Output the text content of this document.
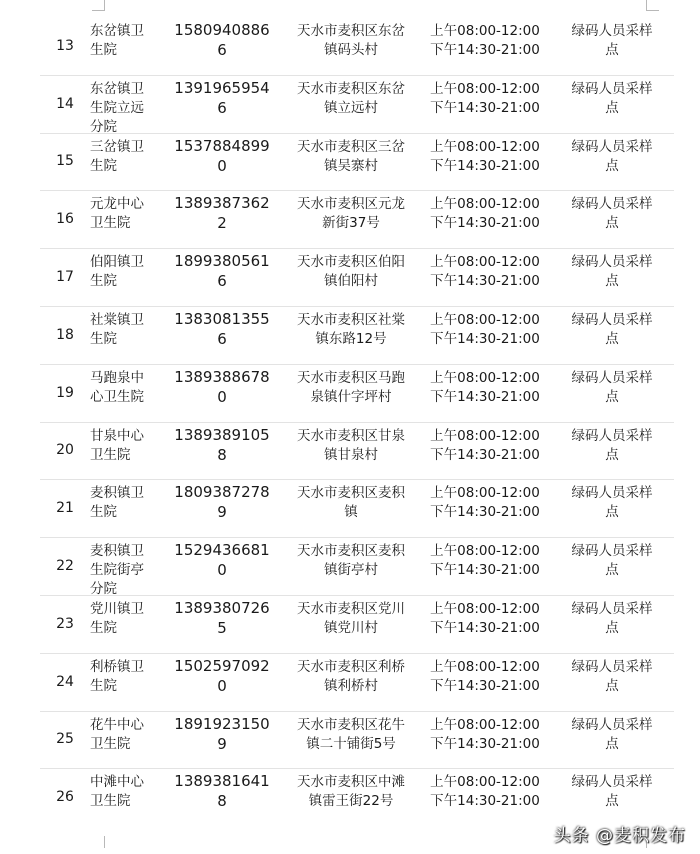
13
东岔镇卫
生院
1580940886
6
天水市麦积区东岔
镇码头村
上午08:00-12:00
下午14:30-21:00
绿码人员采样
点
14
东岔镇卫
生院立远
分院
1391965954
6
天水市麦积区东岔
镇立远村
上午08:00-12:00
下午14:30-21:00
绿码人员采样
点
15
三岔镇卫
生院
1537884899
0
天水市麦积区三岔
镇吴寨村
上午08:00-12:00
下午14:30-21:00
绿码人员采样
点
16
元龙中心
卫生院
1389387362
2
天水市麦积区元龙
新街37号
上午08:00-12:00
下午14:30-21:00
绿码人员采样
点
17
伯阳镇卫
生院
1899380561
6
天水市麦积区伯阳
镇伯阳村
上午08:00-12:00
下午14:30-21:00
绿码人员采样
点
18
社棠镇卫
生院
1383081355
6
天水市麦积区社棠
镇东路12号
上午08:00-12:00
下午14:30-21:00
绿码人员采样
点
19
马跑泉中
心卫生院
1389388678
0
天水市麦积区马跑
泉镇什字坪村
上午08:00-12:00
下午14:30-21:00
绿码人员采样
点
20
甘泉中心
卫生院
1389389105
8
天水市麦积区甘泉
镇甘泉村
上午08:00-12:00
下午14:30-21:00
绿码人员采样
点
21
麦积镇卫
生院
1809387278
9
天水市麦积区麦积
镇
上午08:00-12:00
下午14:30-21:00
绿码人员采样
点
22
麦积镇卫
生院街亭
分院
1529436681
0
天水市麦积区麦积
镇街亭村
上午08:00-12:00
下午14:30-21:00
绿码人员采样
点
23
党川镇卫
生院
1389380726
5
天水市麦积区党川
镇党川村
上午08:00-12:00
下午14:30-21:00
绿码人员采样
点
24
利桥镇卫
生院
1502597092
0
天水市麦积区利桥
镇利桥村
上午08:00-12:00
下午14:30-21:00
绿码人员采样
点
25
花牛中心
卫生院
1891923150
9
天水市麦积区花牛
镇二十铺街5号
上午08:00-12:00
下午14:30-21:00
绿码人员采样
点
26
中滩中心
卫生院
1389381641
8
天水市麦积区中滩
镇雷王街22号
上午08:00-12:00
下午14:30-21:00
绿码人员采样
点
头条 @麦积发布
